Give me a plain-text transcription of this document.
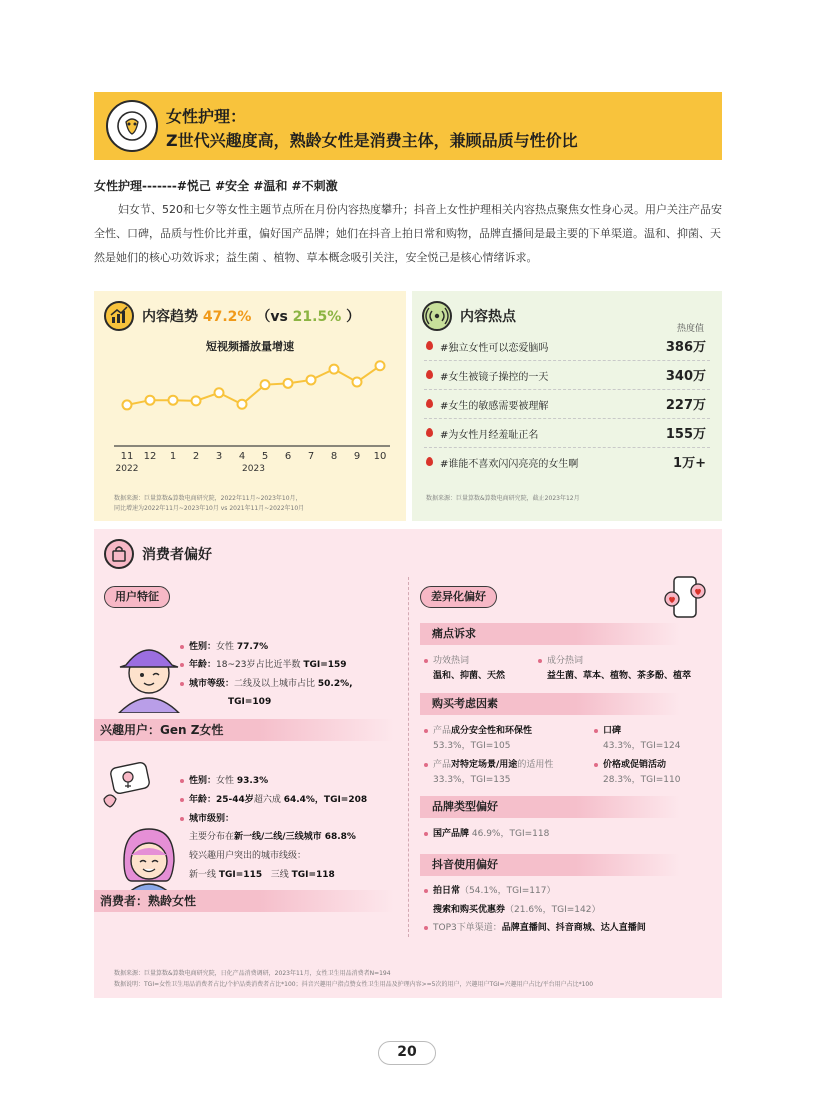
女性护理：
Z世代兴趣度高，熟龄女性是消费主体，兼顾品质与性价比
女性护理-------#悦己 #安全 #温和 #不刺激
妇女节、520和七夕等女性主题节点所在月份内容热度攀升；抖音上女性护理相关内容热点聚焦女性身心灵。用户关注产品安全性、口碑，品质与性价比并重，偏好国产品牌；她们在抖音上拍日常和购物，品牌直播间是最主要的下单渠道。温和、抑菌、天然是她们的核心功效诉求；益生菌 、植物、草本概念吸引关注，安全悦己是核心情绪诉求。
内容趋势 47.2% （vs 21.5% ）
短视频播放量增速
11 12 1 2 3 4 5 6 7 8 9 10
2022	2023
数据来源：巨量算数&算数电商研究院，2022年11月~2023年10月，
同比增速为2022年11月~2023年10月 vs 2021年11月~2022年10月
内容热点
热度值
#独立女性可以恋爱脑吗	386万
#女生被镜子操控的一天	340万
#女生的敏感需要被理解	227万
#为女性月经羞耻正名	155万
#谁能不喜欢闪闪亮亮的女生啊	1万+
数据来源：巨量算数&算数电商研究院，截止2023年12月
消费者偏好
用户特征	差异化偏好
性别：女性 77.7%
年龄：18~23岁占比近半数 TGI=159
城市等级：二线及以上城市占比 50.2%,
TGI=109
兴趣用户：Gen Z女性
性别：女性 93.3%
年龄：25-44岁超六成 64.4%，TGI=208
城市级别：
主要分布在新一线/二线/三线城市 68.8%
较兴趣用户突出的城市线级：
新一线 TGI=115 三线 TGI=118
消费者：熟龄女性
痛点诉求
功效热词
温和、抑菌、天然
成分热词
益生菌、草本、植物、茶多酚、植萃
购买考虑因素
产品成分安全性和环保性
53.3%，TGI=105
口碑
43.3%，TGI=124
产品对特定场景/用途的适用性
33.3%，TGI=135
价格或促销活动
28.3%，TGI=110
品牌类型偏好
国产品牌 46.9%，TGI=118
抖音使用偏好
拍日常（54.1%，TGI=117）
搜索和购买优惠券（21.6%，TGI=142）
TOP3下单渠道：品牌直播间、抖音商城、达人直播间
数据来源：巨量算数&算数电商研究院，日化产品消费调研，2023年11月，女性卫生用品消费者N=194
数据说明：TGI=女性卫生用品消费者占比/个护品类消费者占比*100；抖音兴趣用户指点赞女性卫生用品及护理内容>=5次的用户，兴趣用户TGI=兴趣用户占比/平台用户占比*100
20
